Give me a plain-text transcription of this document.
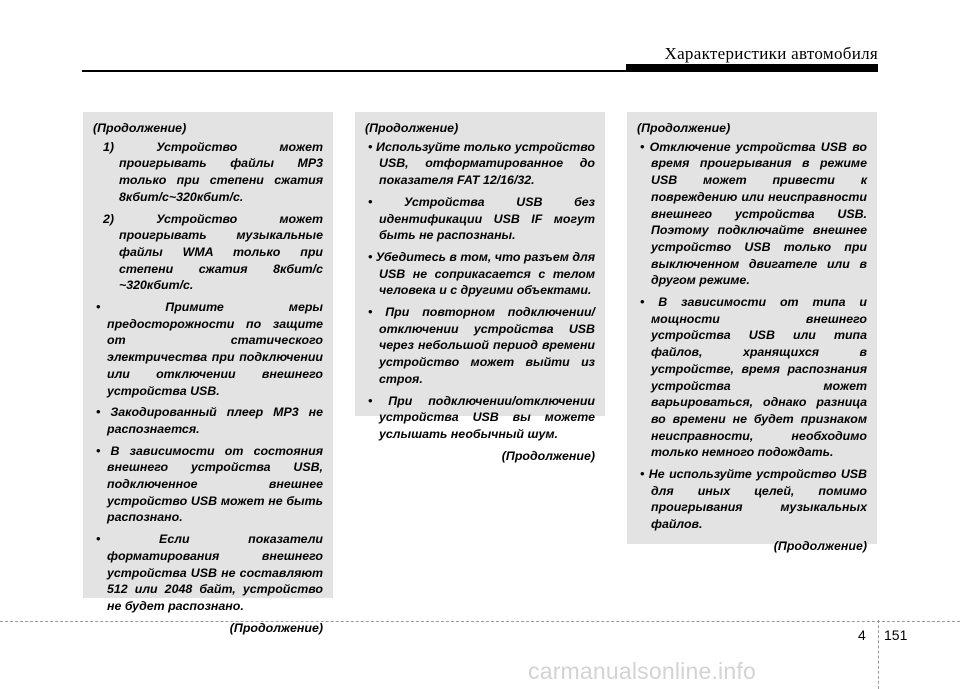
Характеристики автомобиля
(Продолжение)

1)	Устройство может проигрывать файлы MP3 только при степени сжатия 8кбит/с~320кбит/с.

2)	Устройство может проигрывать музыкальные файлы WMA только при степени сжатия 8кбит/с ~320кбит/с.

•	Примите меры предосторожности по защите от статического электричества при подключении или отключении внешнего устройства USB.

• Закодированный плеер MP3 не распознается.

• В зависимости от состояния внешнего устройства USB, подключенное внешнее устройство USB может не быть распознано.

•	Если показатели форматирования внешнего устройства USB не составляют 512 или 2048 байт, устройство не будет распознано.

(Продолжение)
(Продолжение)

• Используйте только устройство USB, отформатированное до показателя FAT 12/16/32.

•	Устройства USB без идентификации USB IF могут быть не распознаны.

• Убедитесь в том, что разъем для USB не соприкасается с телом человека и с другими объектами.

• При повторном подключении/отключении устройства USB через небольшой период времени устройство может выйти из строя.

• При подключении/отключении устройства USB вы можете услышать необычный шум.

(Продолжение)
(Продолжение)

• Отключение устройства USB во время проигрывания в режиме USB может привести к повреждению или неисправности внешнего устройства USB. Поэтому подключайте внешнее устройство USB только при выключенном двигателе или в другом режиме.

• В зависимости от типа и мощности внешнего устройства USB или типа файлов, хранящихся в устройстве, время распознания устройства может варьироваться, однако разница во времени не будет признаком неисправности, необходимо только немного подождать.

• Не используйте устройство USB для иных целей, помимо проигрывания музыкальных файлов.

(Продолжение)
4 151
carmanualsonline.info
